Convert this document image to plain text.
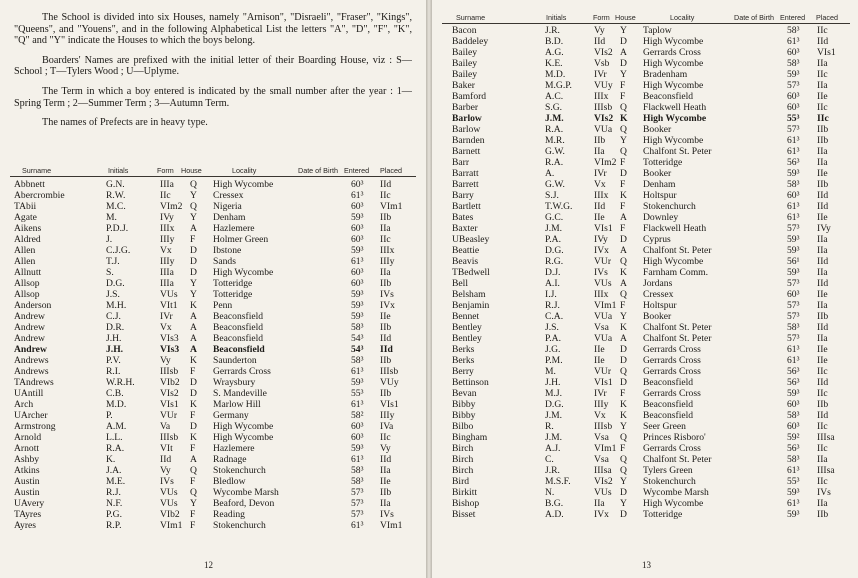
The School is divided into six Houses, namely "Arnison", "Disraeli", "Fraser", "Kings", "Queens", and "Youens", and in the following Alphabetical List the letters "A", "D", "F", "K", "Q" and "Y" indicate the Houses to which the boys belong.

Boarders' Names are prefixed with the initial letter of their Boarding House, viz : S—School ; T—Tylers Wood ; U—Uplyme.

The Term in which a boy entered is indicated by the small number after the year : 1—Spring Term ; 2—Summer Term ; 3—Autumn Term.

The names of Prefects are in heavy type.

Surname	Initials	Form House	Locality	Date of Birth Entered Placed
Abbnett	G.N.	IIIa Q High Wycombe	60³ IId
Abercrombie	R.W.	IIc Y Cressex	61³ IIc
TAbii	M.C.	VIm2 Q Nigeria	60³ VIm1
Agate	M.	IVy Y Denham	59³ IIb
Aikens	P.D.J.	IIIx A Hazlemere	60³ IIa
Aldred	J.	IIIy F Holmer Green	60³ IIc
Allen	C.J.G.	Vx D Ibstone	59³ IIIx
Allen	T.J.	IIIy D Sands	61³ IIIy
Allnutt	S.	IIIa D High Wycombe	60³ IIa
Allsop	D.G.	IIIa Y Totteridge	60³ IIb
Allsop	J.S.	VUs Y Totteridge	59³ IVs
Anderson	M.H.	VIt1 K Penn	59³ IVx
Andrew	C.J.	IVr A Beaconsfield	59³ IIe
Andrew	D.R.	Vx A Beaconsfield	58³ IIb
Andrew	J.H.	VIs3 A Beaconsfield	54³ IId
Andrew	J.H.	VIs3 A Beaconsfield	54³ IId
Andrews	P.V.	Vy K Saunderton	58³ IIb
Andrews	R.I.	IIIsb F Gerrards Cross	61³ IIIsb
TAndrews	W.R.H.	VIb2 D Wraysbury	59³ VUy
UAntill	C.B.	VIs2 D S. Mandeville	55³ IIb
Arch	M.D.	VIs1 K Marlow Hill	61³ VIs1
UArcher	P.	VUr F Germany	58² IIIy
Armstrong	A.M.	Va D High Wycombe	60³ IVa
Arnold	L.L.	IIIsb K High Wycombe	60³ IIc
Arnott	R.A.	VIt F Hazlemere	59³ Vy
Ashby	K.	IId A Radnage	61³ IId
Atkins	J.A.	Vy Q Stokenchurch	58³ IIa
Austin	M.E.	IVs F Bledlow	58³ IIe
Austin	R.J.	VUs Q Wycombe Marsh	57³ IIb
UAvery	N.F.	VUs Y Beaford, Devon	57³ IIa
TAyres	P.G.	VIb2 F Reading	57³ IVs
Ayres	R.P.	VIm1 F Stokenchurch	61³ VIm1
12
Surname	Initials	Form House	Locality	Date of Birth Entered Placed
Bacon	J.R.	Vy Y Taplow	58³ IIc
Baddeley	B.D.	IId D High Wycombe	61³ IId
Bailey	A.G.	VIs2 A Gerrards Cross	60³ VIs1
Bailey	K.E.	Vsb D High Wycombe	58³ IIa
Bailey	M.D.	IVr Y Bradenham	59³ IIc
Baker	M.G.P. VUy F High Wycombe	57³ IIa
Bamford	A.C.	IIIx F Beaconsfield	60³ IIe
Barber	S.G.	IIIsb Q Flackwell Heath	60³ IIc
Barlow	J.M.	VIs2 K High Wycombe	55³ IIc
Barlow	R.A.	VUa Q Booker	57³ IIb
Barnden	M.R.	IIb Y High Wycombe	61³ IIb
Barnett	G.W.	IIa Q Chalfont St. Peter	61³ IIa
Barr	R.A.	VIm2 F Totteridge	56³ IIa
Barratt	A.	IVr D Booker	59³ IIe
Barrett	G.W.	Vx F Denham	58³ IIb
Barry	S.J.	IIIx K Holtspur	60³ IId
Bartlett	T.W.G. IId F Stokenchurch	61³ IId
Bates	G.C.	IIe A Downley	61³ IIe
Baxter	J.M.	VIs1 F Flackwell Heath	57³ IVy
UBeasley	P.A.	IVy D Cyprus	59³ IIa
Beattie	D.G.	IVx A Chalfont St. Peter	59³ IIa
Beavis	R.G.	VUr Q High Wycombe	56¹ IId
TBedwell	D.J.	IVs K Farnham Comm.	59³ IIa
Bell	A.I.	VUs A Jordans	57³ IId
Belsham	I.J.	IIIx Q Cressex	60³ IIe
Benjamin	R.J.	VIm1 F Holtspur	57³ IIa
Bennet	C.A.	VUa Y Booker	57³ IIb
Bentley	J.S.	Vsa K Chalfont St. Peter	58³ IId
Bentley	P.A.	VUa A Chalfont St. Peter	57³ IIa
Berks	J.G.	IIe D Gerrards Cross	61³ IIe
Berks	P.M.	IIe D Gerrards Cross	61³ IIe
Berry	M.	VUr Q Gerrards Cross	56³ IIc
Bettinson	J.H.	VIs1 D Beaconsfield	56³ IId
Bevan	M.J.	IVr F Gerrards Cross	59³ IIc
Bibby	D.G.	IIIy K Beaconsfield	60³ IIb
Bibby	J.M.	Vx K Beaconsfield	58³ IId
Bilbo	R.	IIIsb Y Seer Green	60³ IIc
Bingham	J.M.	Vsa Q Princes Risboro'	59² IIIsa
Birch	A.J.	VIm1 F Gerrards Cross	56³ IIc
Birch	C.	Vsa Q Chalfont St. Peter	58³ IIa
Birch	J.R.	IIIsa Q Tylers Green	61³ IIIsa
Bird	M.S.F. VIs2 Y Stokenchurch	55³ IIc
Birkitt	N.	VUs D Wycombe Marsh	59³ IVs
Bishop	B.G.	IIa Y High Wycombe	61³ IIa
Bisset	A.D.	IVx D Totteridge	59³ IIb
13
